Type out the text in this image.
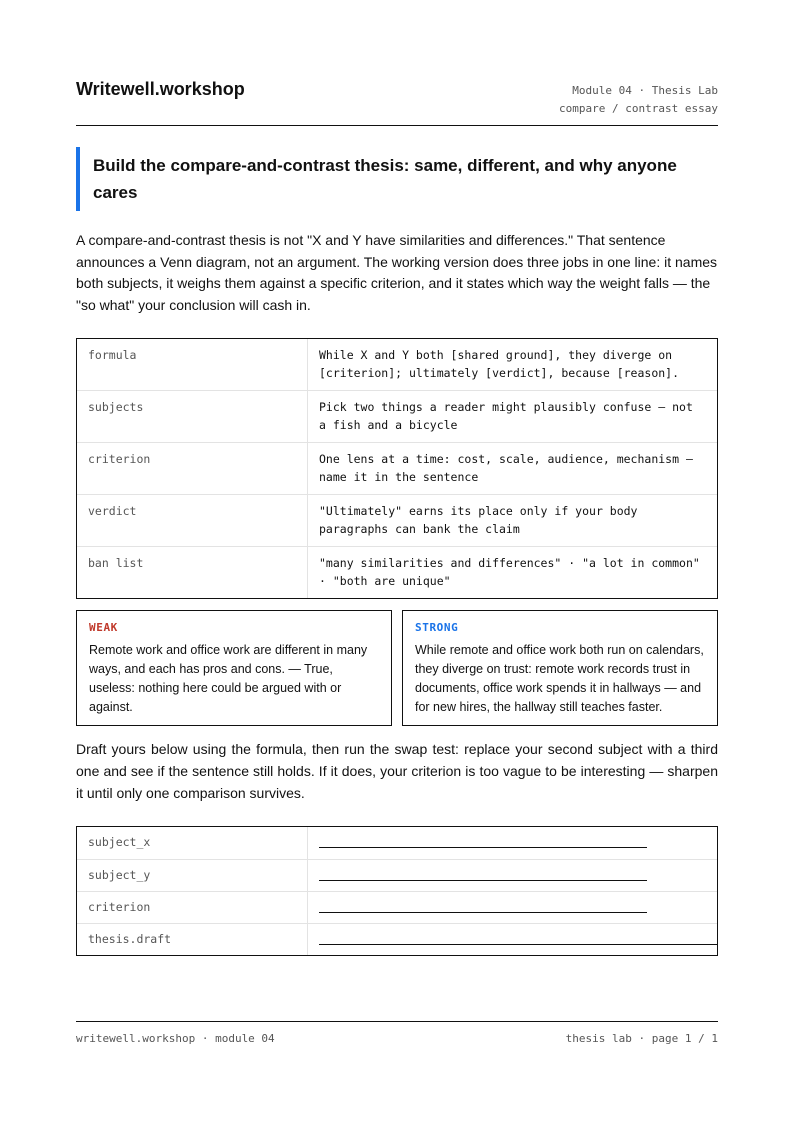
Writewell.workshop	Module 04 · Thesis Lab
compare / contrast essay
Build the compare-and-contrast thesis: same, different, and why anyone cares

A compare-and-contrast thesis is not "X and Y have similarities and differences." That sentence announces a Venn diagram, not an argument. The working version does three jobs in one line: it names both subjects, it weighs them against a specific criterion, and it states which way the weight falls — the "so what" your conclusion will cash in.

formula	While X and Y both [shared ground], they diverge on [criterion]; ultimately [verdict], because [reason].
subjects	Pick two things a reader might plausibly confuse — not a fish and a bicycle
criterion	One lens at a time: cost, scale, audience, mechanism — name it in the sentence
verdict	"Ultimately" earns its place only if your body paragraphs can bank the claim
ban list	"many similarities and differences" · "a lot in common" · "both are unique"
WEAK
Remote work and office work are different in many ways, and each has pros and cons. — True, useless: nothing here could be argued with or against.
STRONG
While remote and office work both run on calendars, they diverge on trust: remote work records trust in documents, office work spends it in hallways — and for new hires, the hallway still teaches faster.

Draft yours below using the formula, then run the swap test: replace your second subject with a third one and see if the sentence still holds. If it does, your criterion is too vague to be interesting — sharpen it until only one comparison survives.

subject_x
subject_y
criterion
thesis.draft
writewell.workshop · module 04	thesis lab · page 1 / 1
